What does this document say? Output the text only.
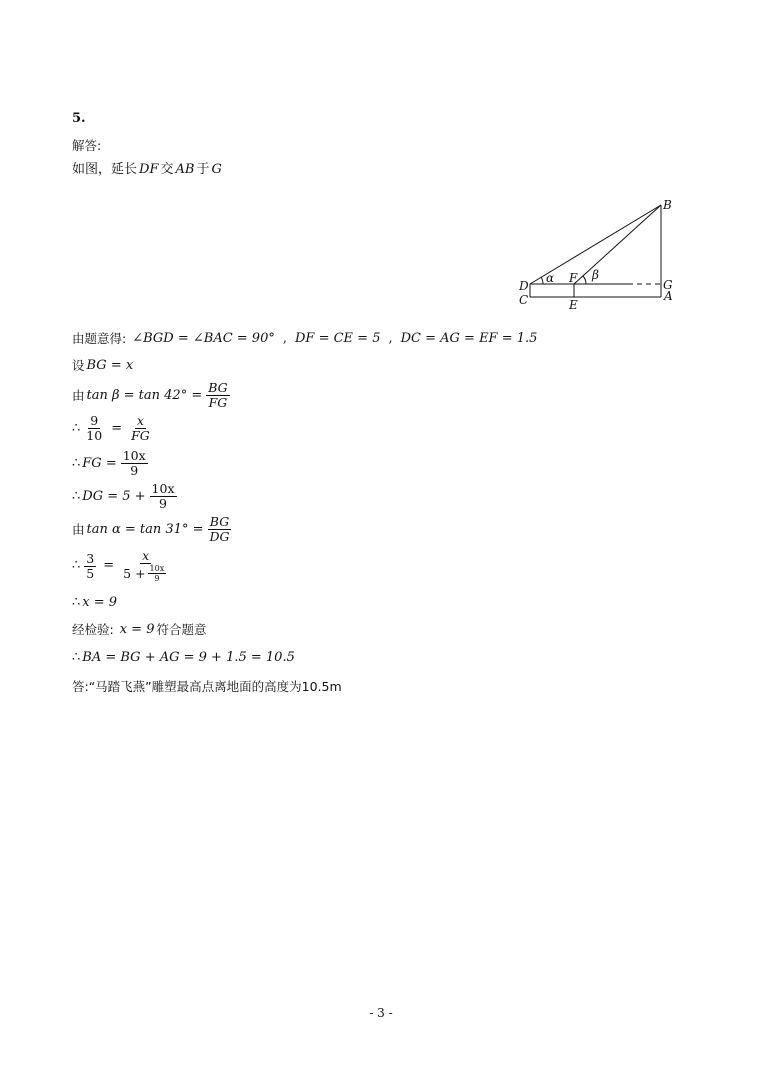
5.
解答:
如图，延长 DF 交 AB 于 G
B
D
C
α F β
E
G
A
由题意得: ∠BGD = ∠BAC = 90° , DF = CE = 5 , DC = AG = EF = 1.5
设 BG = x
由 $\tan \beta = \tan 42^\circ = \frac{BG}{FG}$
∴ $\frac{9}{10} = \frac{x}{FG}$
∴ FG = $\frac{10x}{9}$
∴ DG = $5 + \frac{10x}{9}$
由 $\tan \alpha = \tan 31^\circ = \frac{BG}{DG}$
∴ $\frac{3}{5} = \frac{x}{5 + \frac{10x}{9}}$
∴ x = 9
经检验: x = 9 符合题意
∴ BA = BG + AG = 9 + 1.5 = 10.5
答:“马踏飞燕”雕塑最高点离地面的高度为10.5m
- 3 -
